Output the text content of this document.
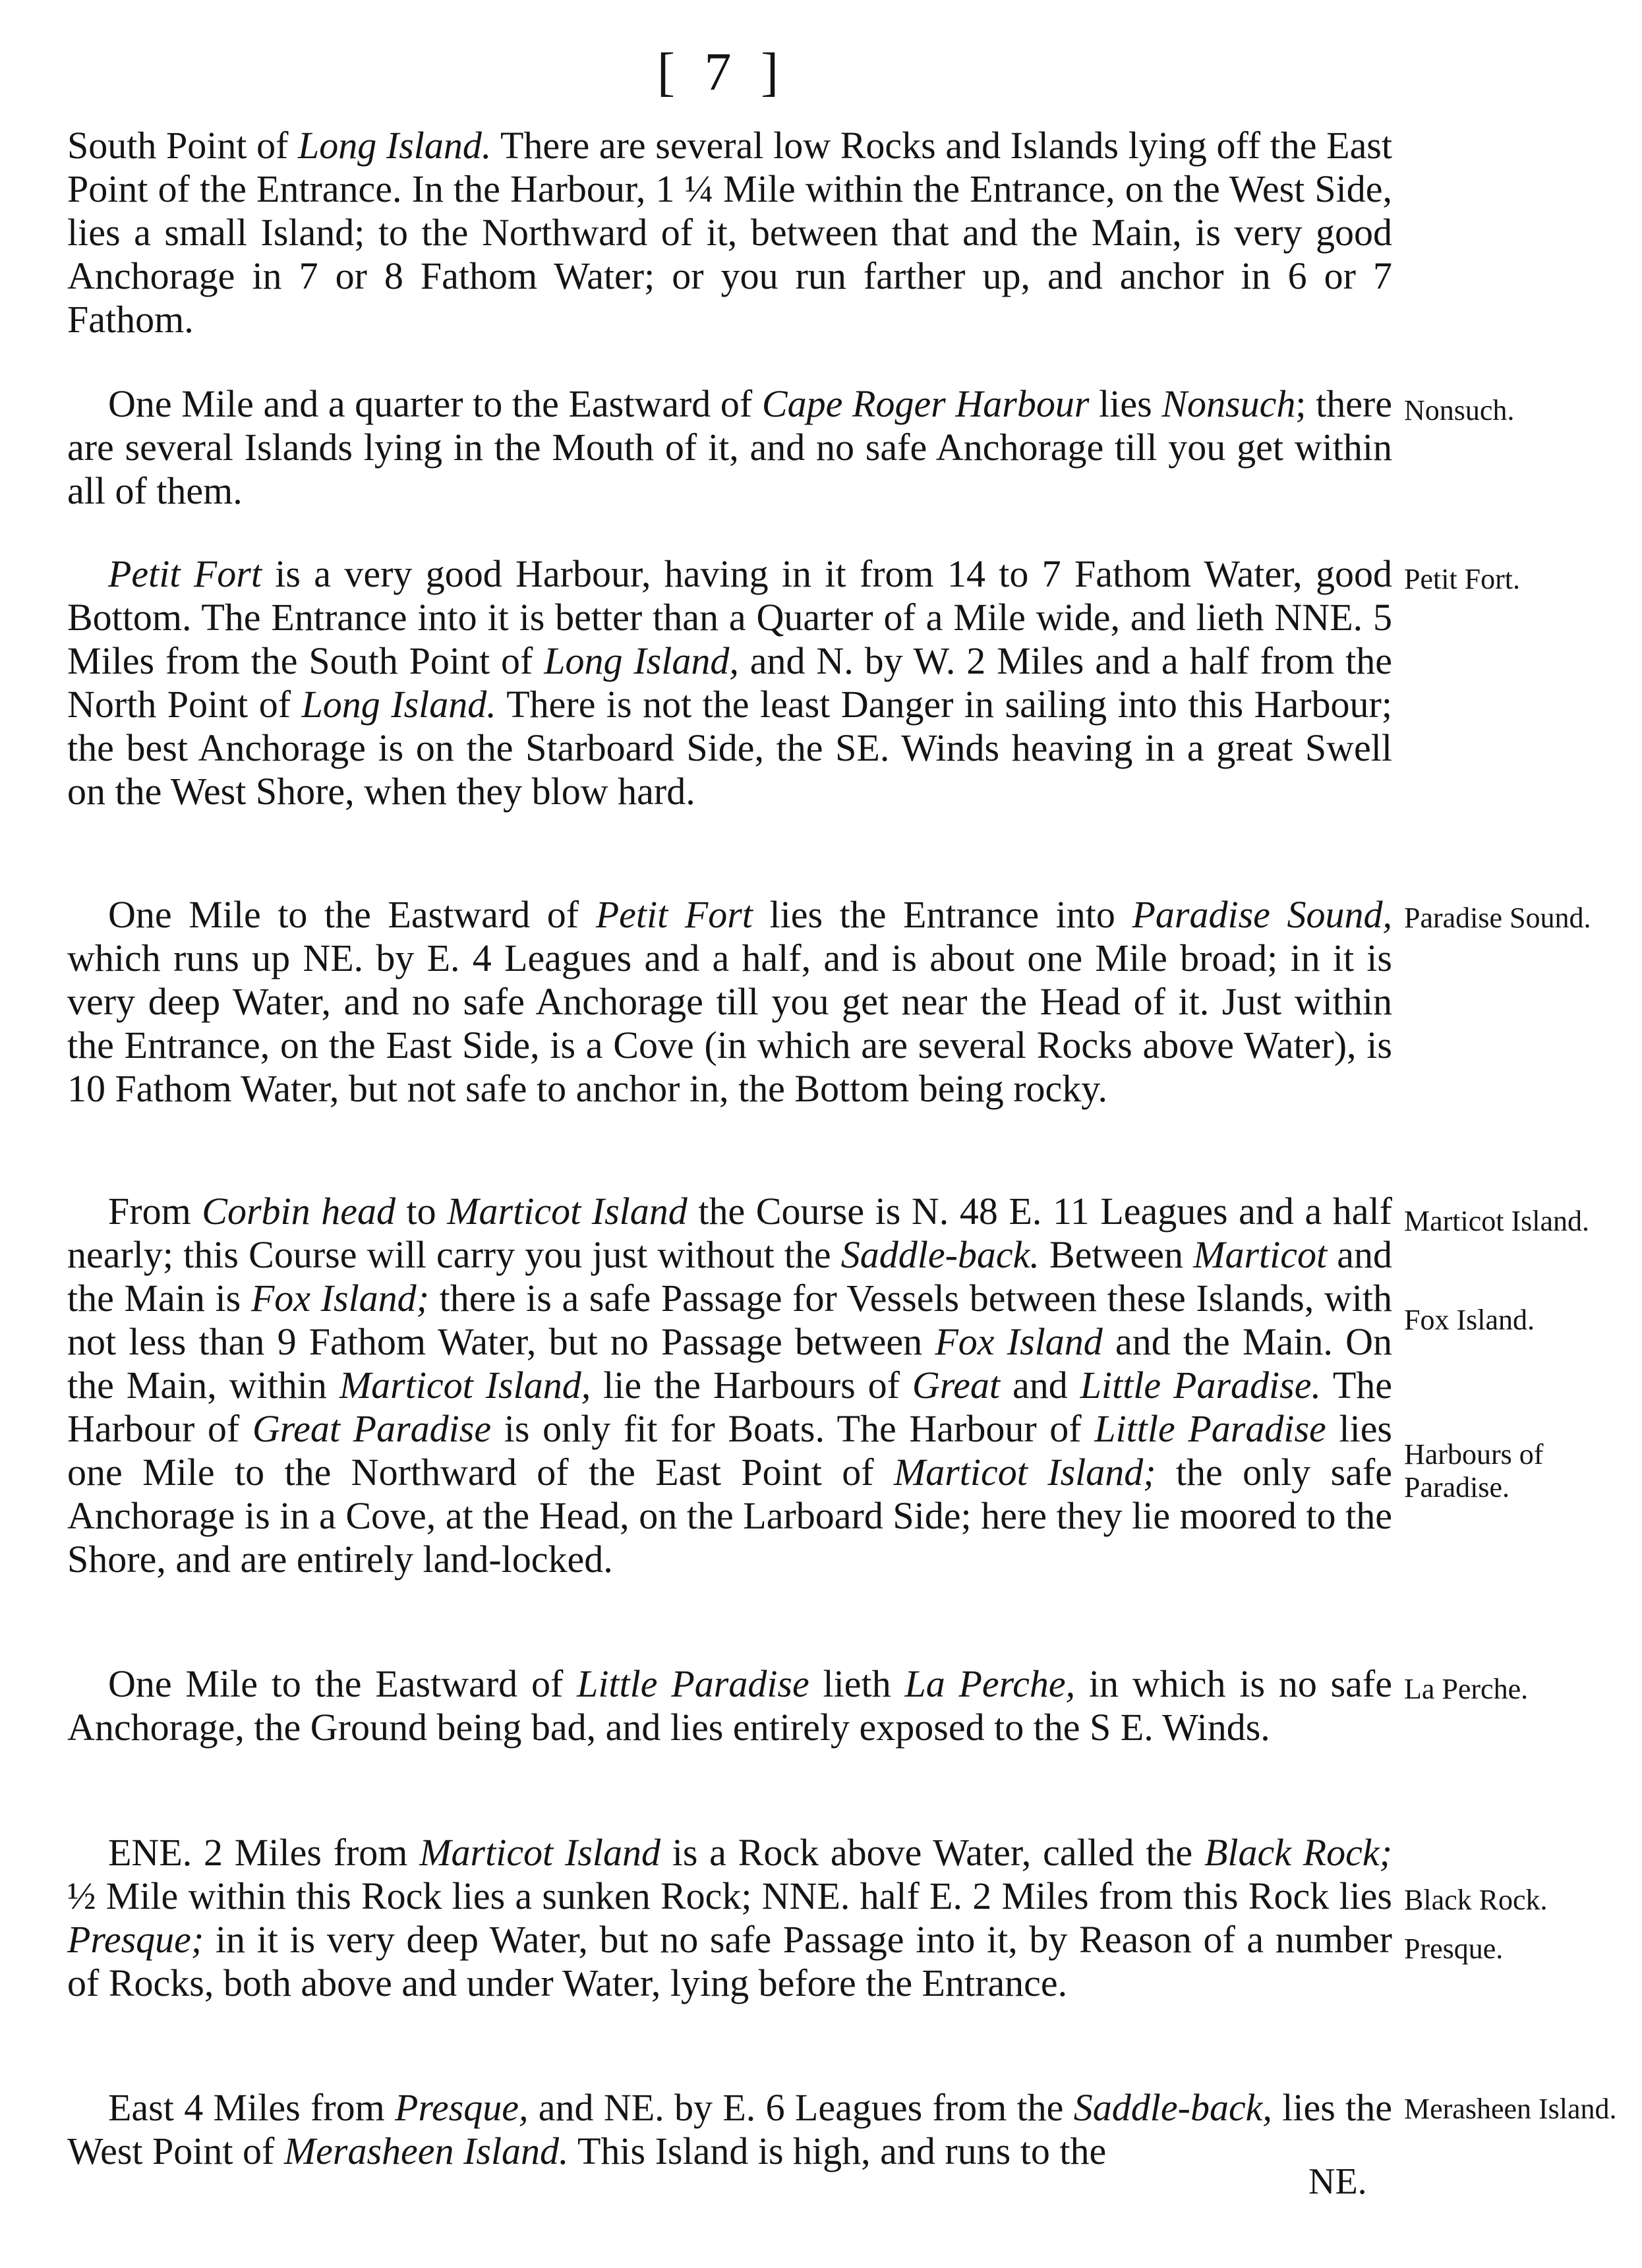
[ 7 ]

South Point of Long Island. There are several low Rocks and Islands lying off the East Point of the Entrance. In the Harbour, 1 ¼ Mile within the Entrance, on the West Side, lies a small Island; to the Northward of it, between that and the Main, is very good Anchorage in 7 or 8 Fathom Water; or you run farther up, and anchor in 6 or 7 Fathom.

One Mile and a quarter to the Eastward of Cape Roger Harbour lies Nonsuch; there are several Islands lying in the Mouth of it, and no safe Anchorage till you get within all of them.

Petit Fort is a very good Harbour, having in it from 14 to 7 Fathom Water, good Bottom. The Entrance into it is better than a Quarter of a Mile wide, and lieth NNE. 5 Miles from the South Point of Long Island, and N. by W. 2 Miles and a half from the North Point of Long Island. There is not the least Danger in sailing into this Harbour; the best Anchorage is on the Starboard Side, the SE. Winds heaving in a great Swell on the West Shore, when they blow hard.

One Mile to the Eastward of Petit Fort lies the Entrance into Paradise Sound, which runs up NE. by E. 4 Leagues and a half, and is about one Mile broad; in it is very deep Water, and no safe Anchorage till you get near the Head of it. Just within the Entrance, on the East Side, is a Cove (in which are several Rocks above Water), is 10 Fathom Water, but not safe to anchor in, the Bottom being rocky.

From Corbin head to Marticot Island the Course is N. 48 E. 11 Leagues and a half nearly; this Course will carry you just without the Saddle-back. Between Marticot and the Main is Fox Island; there is a safe Passage for Vessels between these Islands, with not less than 9 Fathom Water, but no Passage between Fox Island and the Main. On the Main, within Marticot Island, lie the Harbours of Great and Little Paradise. The Harbour of Great Paradise is only fit for Boats. The Harbour of Little Paradise lies one Mile to the Northward of the East Point of Marticot Island; the only safe Anchorage is in a Cove, at the Head, on the Larboard Side; here they lie moored to the Shore, and are entirely land-locked.

One Mile to the Eastward of Little Paradise lieth La Perche, in which is no safe Anchorage, the Ground being bad, and lies entirely exposed to the S E. Winds.

ENE. 2 Miles from Marticot Island is a Rock above Water, called the Black Rock; ½ Mile within this Rock lies a sunken Rock; NNE. half E. 2 Miles from this Rock lies Presque; in it is very deep Water, but no safe Passage into it, by Reason of a number of Rocks, both above and under Water, lying before the Entrance.

East 4 Miles from Presque, and NE. by E. 6 Leagues from the Saddle-back, lies the West Point of Merasheen Island. This Island is high, and runs to the

Nonsuch.

Petit Fort.

Paradise Sound.

Marticot Island.

Fox Island.

Harbours of Paradise.

La Perche.

Black Rock.

Presque.

Merasheen Island.

NE.
